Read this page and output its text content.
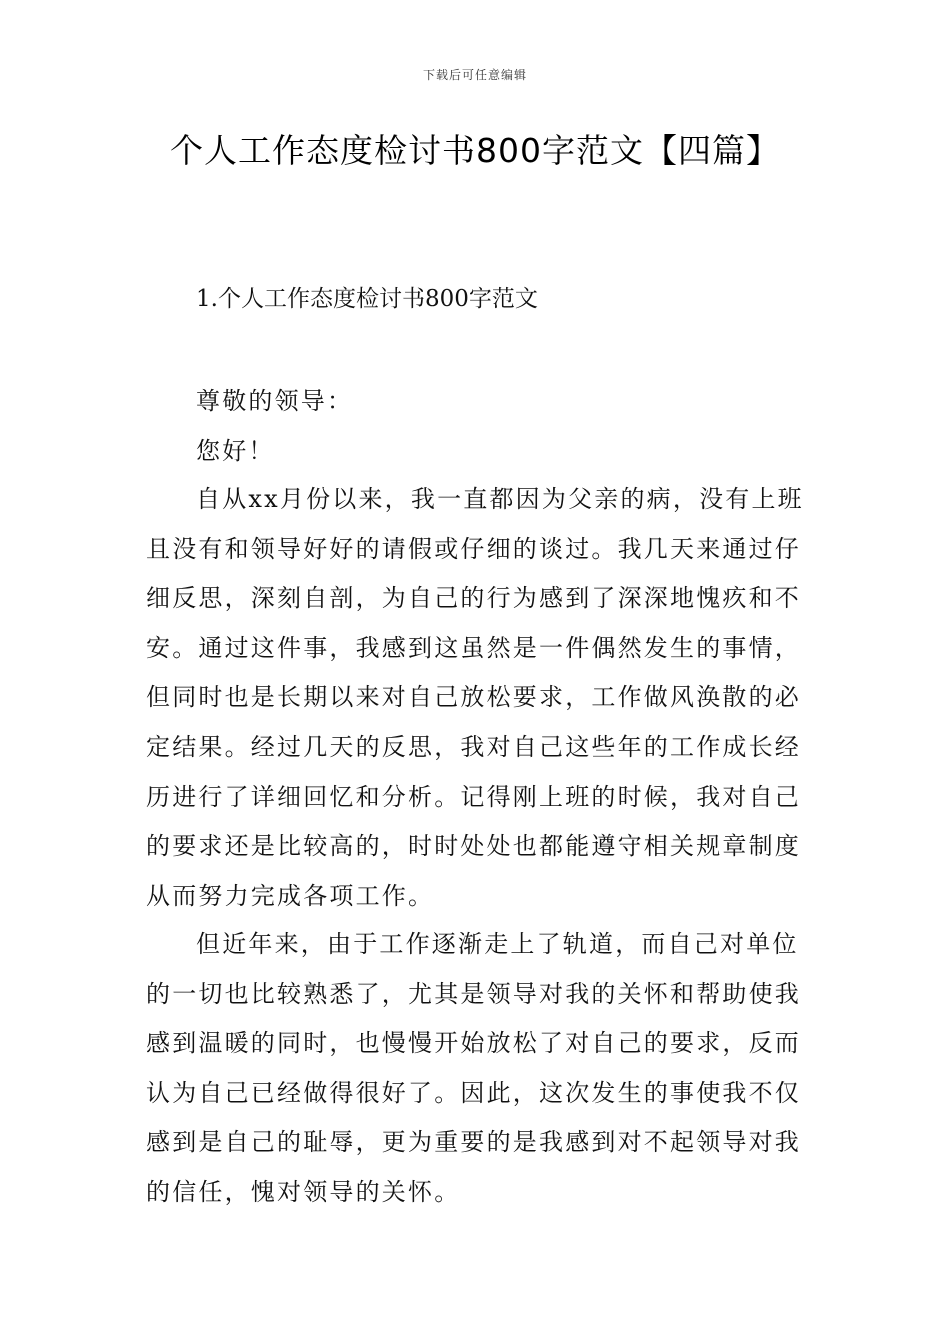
下载后可任意编辑
个人工作态度检讨书800字范文【四篇】
1.个人工作态度检讨书800字范文

尊敬的领导：

您好！

自从xx月份以来，我一直都因为父亲的病，没有上班且没有和领导好好的请假或仔细的谈过。我几天来通过仔细反思，深刻自剖，为自己的行为感到了深深地愧疚和不安。通过这件事，我感到这虽然是一件偶然发生的事情，但同时也是长期以来对自己放松要求，工作做风涣散的必定结果。经过几天的反思，我对自己这些年的工作成长经历进行了详细回忆和分析。记得刚上班的时候，我对自己的要求还是比较高的，时时处处也都能遵守相关规章制度从而努力完成各项工作。

但近年来，由于工作逐渐走上了轨道，而自己对单位的一切也比较熟悉了，尤其是领导对我的关怀和帮助使我感到温暖的同时，也慢慢开始放松了对自己的要求，反而认为自己已经做得很好了。因此，这次发生的事使我不仅感到是自己的耻辱，更为重要的是我感到对不起领导对我的信任，愧对领导的关怀。
